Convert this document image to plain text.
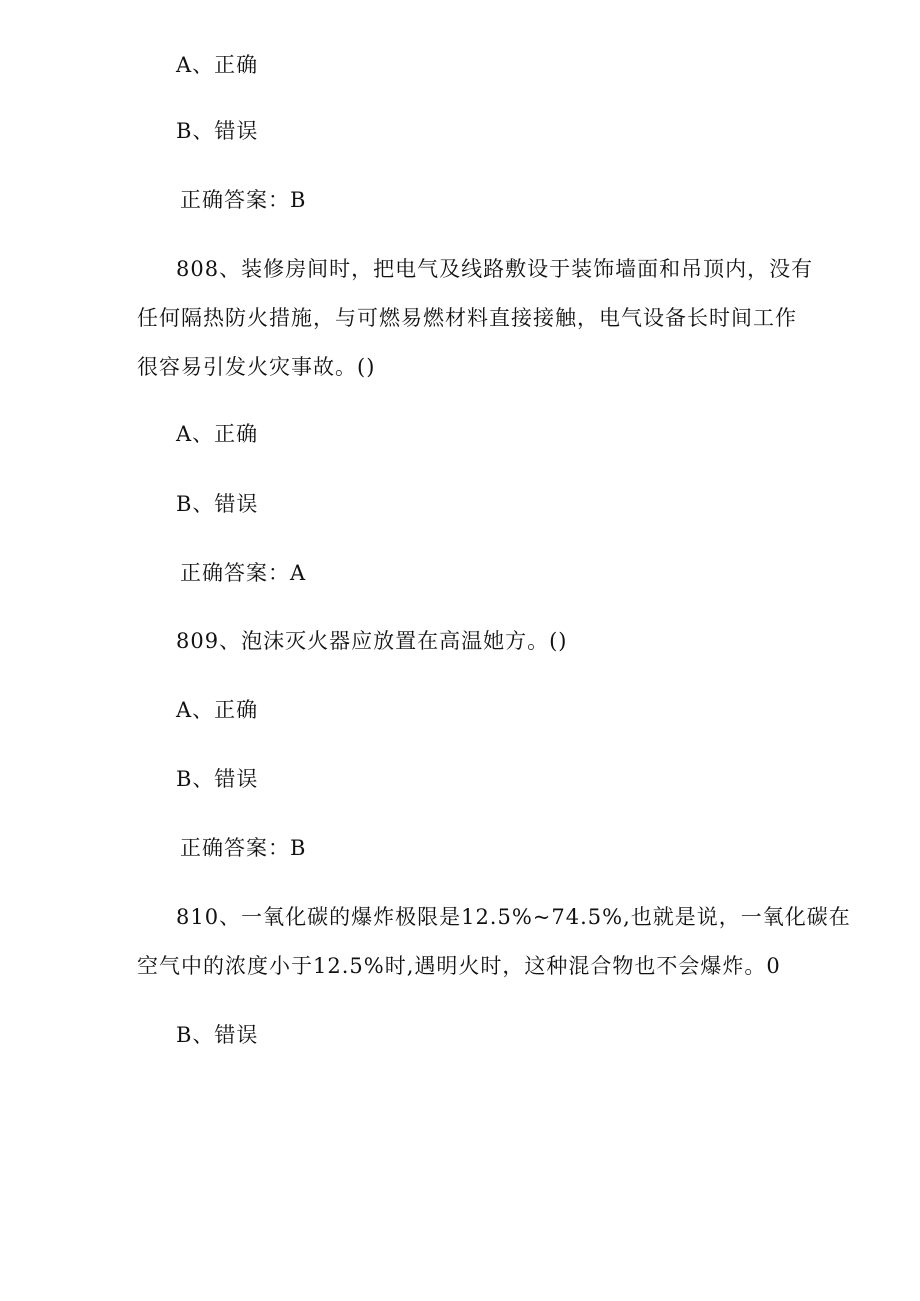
A、正确
B、错误
正确答案：B
808、装修房间时，把电气及线路敷设于装饰墙面和吊顶内，没有
任何隔热防火措施，与可燃易燃材料直接接触，电气设备长时间工作
很容易引发火灾事故。()
A、正确
B、错误
正确答案：A
809、泡沫灭火器应放置在高温她方。()
A、正确
B、错误
正确答案：B
810、一氧化碳的爆炸极限是12.5%~74.5%,也就是说，一氧化碳在
空气中的浓度小于12.5%时,遇明火时，这种混合物也不会爆炸。0
B、错误
